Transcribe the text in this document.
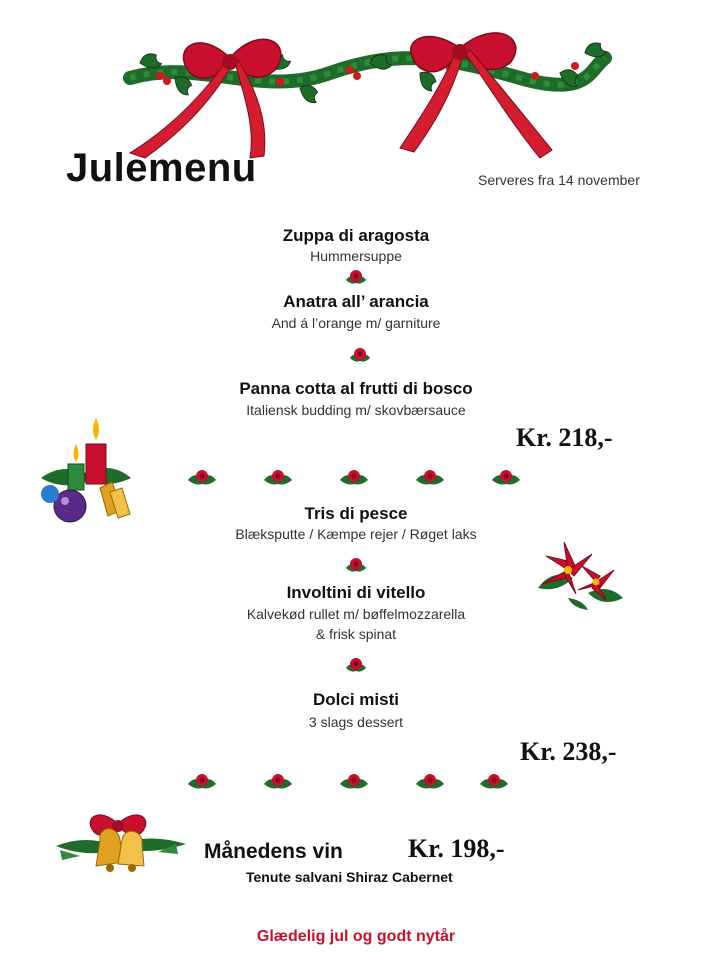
Julemenu	Serveres fra 14 november
Zuppa di aragosta
Hummersuppe
Anatra all’ arancia
And á l’orange m/ garniture
Panna cotta al frutti di bosco
Italiensk budding m/ skovbærsauce
Kr. 218,-
Tris di pesce
Blæksputte / Kæmpe rejer / Røget laks
Involtini di vitello
Kalvekød rullet m/ bøffelmozzarella
& frisk spinat
Dolci misti
3 slags dessert
Kr. 238,-
Månedens vin	Kr. 198,-
Tenute salvani Shiraz Cabernet
Glædelig jul og godt nytår
